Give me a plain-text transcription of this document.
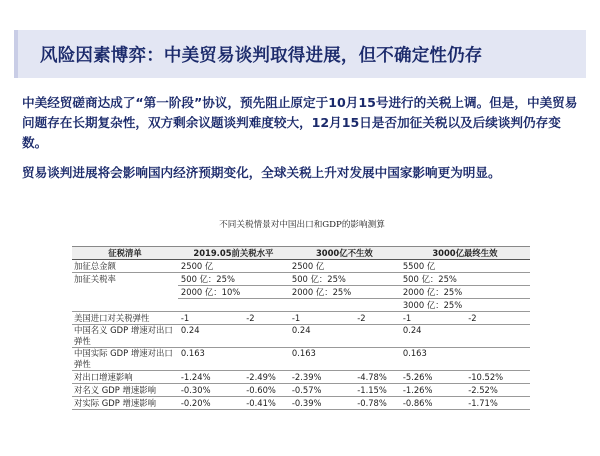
风险因素博弈：中美贸易谈判取得进展，但不确定性仍存
中美经贸磋商达成了“第一阶段”协议，预先阻止原定于10月15号进行的关税上调。但是，中美贸易问题存在长期复杂性，双方剩余议题谈判难度较大，12月15日是否加征关税以及后续谈判仍存变数。
贸易谈判进展将会影响国内经济预期变化，全球关税上升对发展中国家影响更为明显。
不同关税情景对中国出口和GDP的影响测算
征税清单	2019.05前关税水平		3000亿不生效		3000亿最终生效	
加征总金额	2500 亿		2500 亿		5500 亿	
加征关税率	500 亿：25%		500 亿：25%		500 亿：25%	
	2000 亿：10%		2000 亿：25%		2000 亿：25%	
					3000 亿：25%	
美国进口对关税弹性	-1	-2	-1	-2	-1	-2
中国名义 GDP 增速对出口弹性	0.24		0.24		0.24	
中国实际 GDP 增速对出口弹性	0.163		0.163		0.163	
对出口增速影响	-1.24%	-2.49%	-2.39%	-4.78%	-5.26%	-10.52%
对名义 GDP 增速影响	-0.30%	-0.60%	-0.57%	-1.15%	-1.26%	-2.52%
对实际 GDP 增速影响	-0.20%	-0.41%	-0.39%	-0.78%	-0.86%	-1.71%
